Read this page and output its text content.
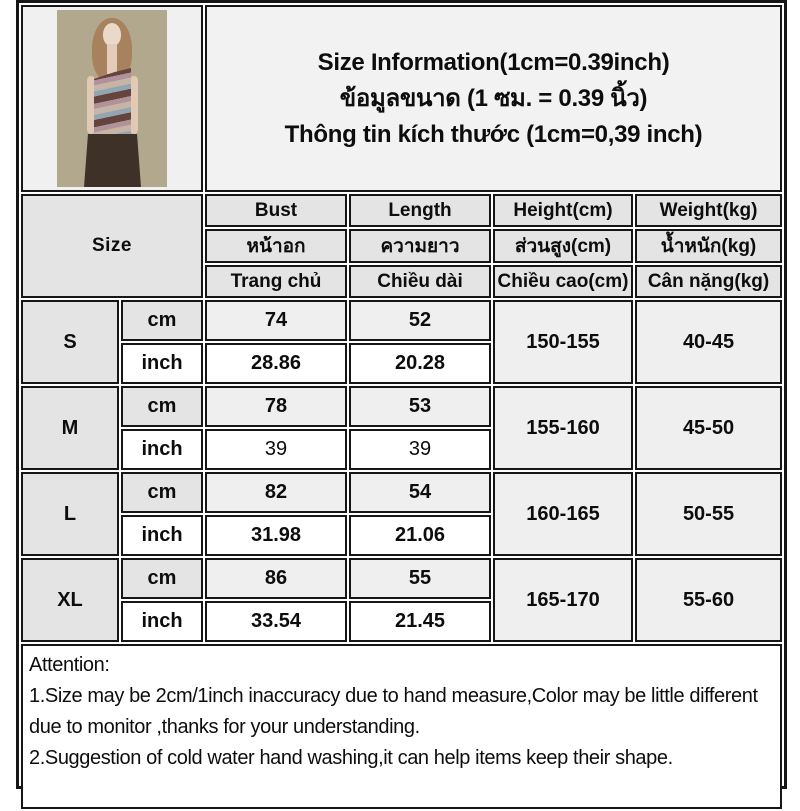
		Size Information(1cm=0.39inch)
ข้อมูลขนาด (1 ซม. = 0.39 นิ้ว)
Thông tin kích thước (1cm=0,39 inch)			

Size		Bust	Length	Height(cm)	Weight(kg)
		หน้าอก	ความยาว	ส่วนสูง(cm)	น้ำหนัก(kg)
		Trang chủ	Chiều dài	Chiều cao(cm)	Cân nặng(kg)
S	cm	74	52	150-155	40-45
	inch	28.86	20.28		
M	cm	78	53	155-160	45-50
	inch	39	39		
L	cm	82	54	160-165	50-55
	inch	31.98	21.06		
XL	cm	86	55	165-170	55-60
	inch	33.54	21.45		

Attention:
1.Size may be 2cm/1inch inaccuracy due to hand measure,Color may be little different due to monitor ,thanks for your understanding.
2.Suggestion of cold water hand washing,it can help items keep their shape.					
